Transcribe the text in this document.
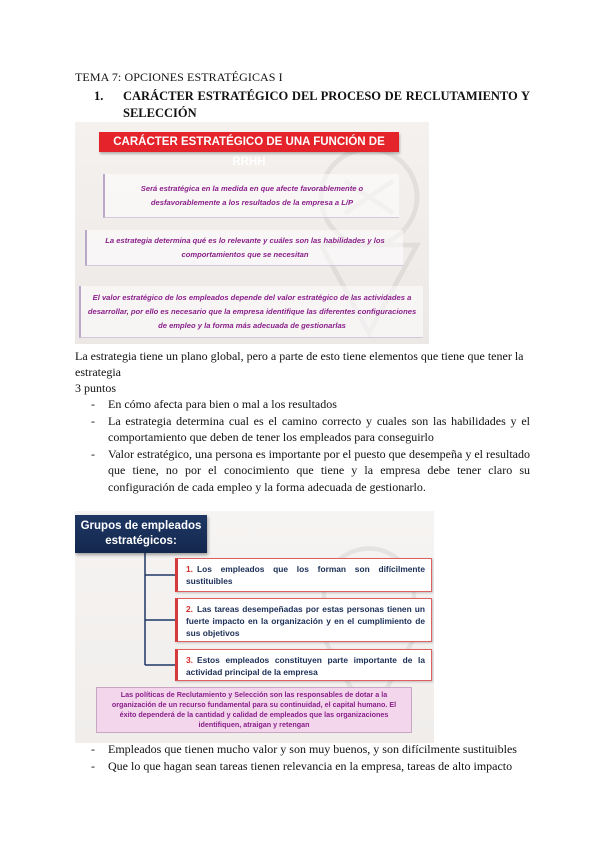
TEMA 7: OPCIONES ESTRATÉGICAS I
1. CARÁCTER ESTRATÉGICO DEL PROCESO DE RECLUTAMIENTO Y SELECCIÓN
CARÁCTER ESTRATÉGICO DE UNA FUNCIÓN DE RRHH
Será estratégica en la medida en que afecte favorablemente o desfavorablemente a los resultados de la empresa a L/P
La estrategia determina qué es lo relevante y cuáles son las habilidades y los comportamientos que se necesitan
El valor estratégico de los empleados depende del valor estratégico de las actividades a desarrollar, por ello es necesario que la empresa identifique las diferentes configuraciones de empleo y la forma más adecuada de gestionarlas
La estrategia tiene un plano global, pero a parte de esto tiene elementos que tiene que tener la estrategia
3 puntos
- En cómo afecta para bien o mal a los resultados
- La estrategia determina cual es el camino correcto y cuales son las habilidades y el comportamiento que deben de tener los empleados para conseguirlo
- Valor estratégico, una persona es importante por el puesto que desempeña y el resultado que tiene, no por el conocimiento que tiene y la empresa debe tener claro su configuración de cada empleo y la forma adecuada de gestionarlo.
Grupos de empleados
estratégicos:
1. Los empleados que los forman son difícilmente sustituibles
2. Las tareas desempeñadas por estas personas tienen un fuerte impacto en la organización y en el cumplimiento de sus objetivos
3. Estos empleados constituyen parte importante de la actividad principal de la empresa
Las políticas de Reclutamiento y Selección son las responsables de dotar a la organización de un recurso fundamental para su continuidad, el capital humano. El éxito dependerá de la cantidad y calidad de empleados que las organizaciones identifiquen, atraigan y retengan
- Empleados que tienen mucho valor y son muy buenos, y son difícilmente sustituibles
- Que lo que hagan sean tareas tienen relevancia en la empresa, tareas de alto impacto
